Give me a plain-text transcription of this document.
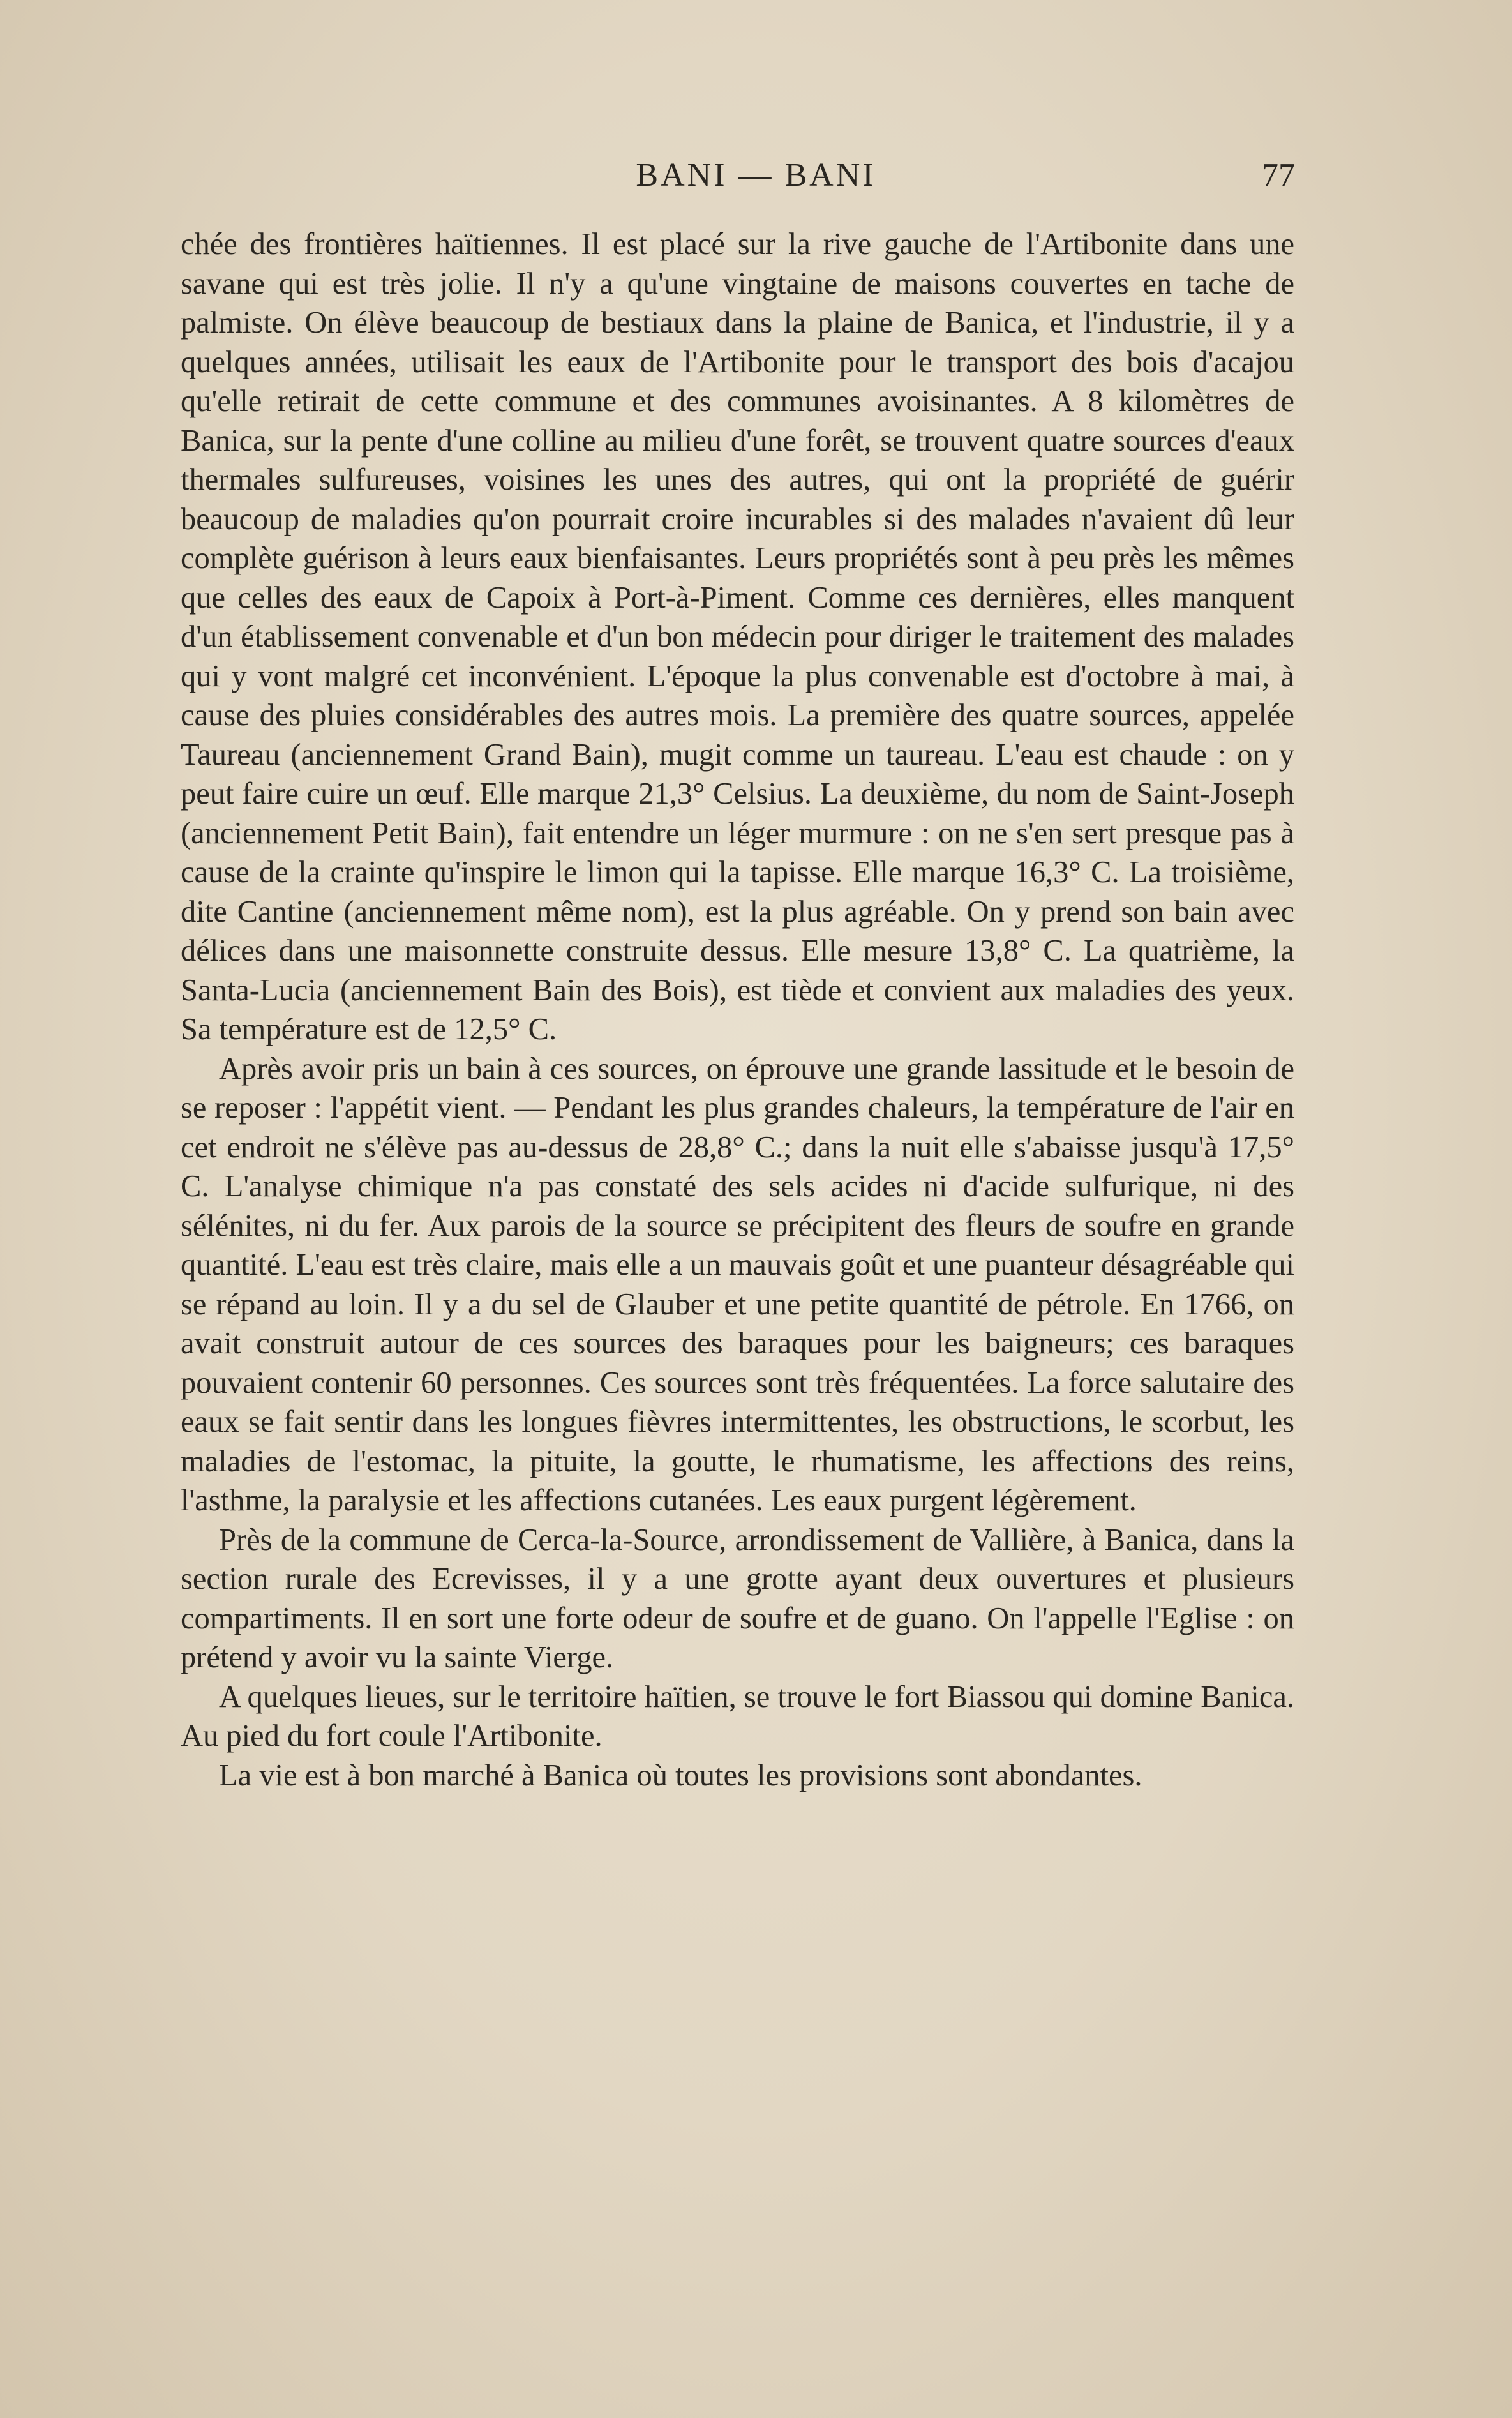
BANI — BANI	77

chée des frontières haïtiennes. Il est placé sur la rive gauche de l'Artibonite dans une savane qui est très jolie. Il n'y a qu'une vingtaine de maisons couvertes en tache de palmiste. On élève beaucoup de bestiaux dans la plaine de Banica, et l'industrie, il y a quelques années, utilisait les eaux de l'Artibonite pour le transport des bois d'acajou qu'elle retirait de cette commune et des communes avoisinantes. A 8 kilomètres de Banica, sur la pente d'une colline au milieu d'une forêt, se trouvent quatre sources d'eaux thermales sulfureuses, voisines les unes des autres, qui ont la propriété de guérir beaucoup de maladies qu'on pourrait croire incurables si des malades n'avaient dû leur complète guérison à leurs eaux bienfaisantes. Leurs propriétés sont à peu près les mêmes que celles des eaux de Capoix à Port-à-Piment. Comme ces dernières, elles manquent d'un établissement convenable et d'un bon médecin pour diriger le traitement des malades qui y vont malgré cet inconvénient. L'époque la plus convenable est d'octobre à mai, à cause des pluies considérables des autres mois. La première des quatre sources, appelée Taureau (anciennement Grand Bain), mugit comme un taureau. L'eau est chaude : on y peut faire cuire un œuf. Elle marque 21,3° Celsius. La deuxième, du nom de Saint-Joseph (anciennement Petit Bain), fait entendre un léger murmure : on ne s'en sert presque pas à cause de la crainte qu'inspire le limon qui la tapisse. Elle marque 16,3° C. La troisième, dite Cantine (anciennement même nom), est la plus agréable. On y prend son bain avec délices dans une maisonnette construite dessus. Elle mesure 13,8° C. La quatrième, la Santa-Lucia (anciennement Bain des Bois), est tiède et convient aux maladies des yeux. Sa température est de 12,5° C.

Après avoir pris un bain à ces sources, on éprouve une grande lassitude et le besoin de se reposer : l'appétit vient. — Pendant les plus grandes chaleurs, la température de l'air en cet endroit ne s'élève pas au-dessus de 28,8° C.; dans la nuit elle s'abaisse jusqu'à 17,5° C. L'analyse chimique n'a pas constaté des sels acides ni d'acide sulfurique, ni des sélénites, ni du fer. Aux parois de la source se précipitent des fleurs de soufre en grande quantité. L'eau est très claire, mais elle a un mauvais goût et une puanteur désagréable qui se répand au loin. Il y a du sel de Glauber et une petite quantité de pétrole. En 1766, on avait construit autour de ces sources des baraques pour les baigneurs; ces baraques pouvaient contenir 60 personnes. Ces sources sont très fréquentées. La force salutaire des eaux se fait sentir dans les longues fièvres intermittentes, les obstructions, le scorbut, les maladies de l'estomac, la pituite, la goutte, le rhumatisme, les affections des reins, l'asthme, la paralysie et les affections cutanées. Les eaux purgent légèrement.

Près de la commune de Cerca-la-Source, arrondissement de Vallière, à Banica, dans la section rurale des Ecrevisses, il y a une grotte ayant deux ouvertures et plusieurs compartiments. Il en sort une forte odeur de soufre et de guano. On l'appelle l'Eglise : on prétend y avoir vu la sainte Vierge.

A quelques lieues, sur le territoire haïtien, se trouve le fort Biassou qui domine Banica. Au pied du fort coule l'Artibonite.

La vie est à bon marché à Banica où toutes les provisions sont abondantes.
